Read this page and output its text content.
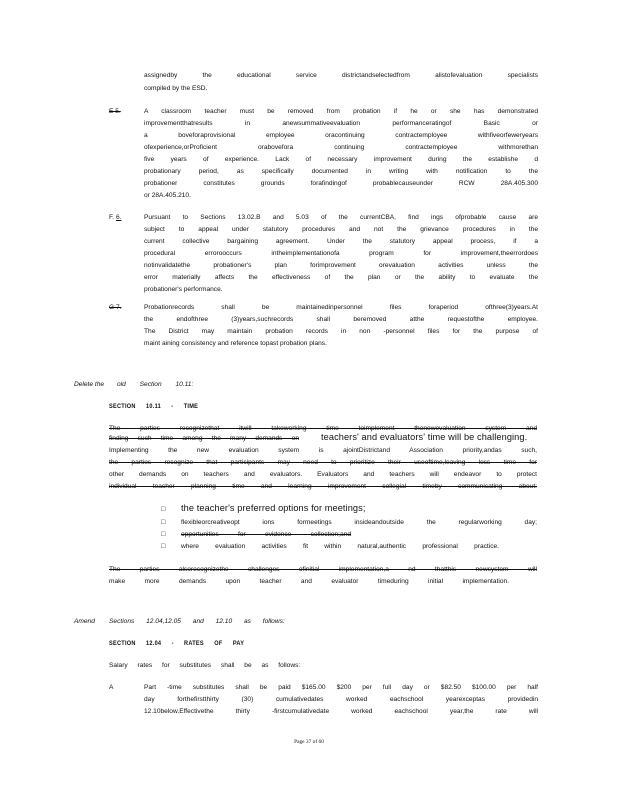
assignedby the educational service districtandselectedfrom alistofevaluation specialists
compiled by the ESD.
E 5.	A classroom teacher must be removed from probation if he or she has demonstrated
improvementthatresults in anewsummativeevaluation performanceratingof Basic or
a boveforaprovisional employee oracontinuing contractemployee withfiveorfeweryears
ofexperience,orProficient orabovefora continuing contractemployee withmorethan
five years of experience. Lack of necessary improvement during the establishe d
probationary period, as specifically documented in writing with notification to the
probationer constitutes grounds forafindingof probablecauseunder RCW 28A.405.300
or 28A.405.210.
F. 6.	Pursuant to Sections 13.02.B and 5.03 of the currentCBA, find ings ofprobable cause are
subject to appeal under statutory procedures and not the grievance procedures in the
current collective bargaining agreement. Under the statutory appeal process, if a
procedural errorooccurs intheimplementationofa program for improvement,theerrordoes
notinvalidatethe probationer's plan forimprovement orevaluation activities unless the
error materially affects the effectiveness of the plan or the ability to evaluate the
probationer's performance.
G 7.	Probationrecords shall be maintainedinpersonnel files foraperiod ofthree(3)years.At
the endofthree (3)years,suchrecords shall beremoved atthe requestofthe employee.
The District may maintain probation records in non -personnel files for the purpose of
maint aining consistency and reference topast probation plans.
Delete the old Section 10.11:
SECTION 10.11 - TIME
The parties recognizethat itwill takeworking time toimplement thenewevaluation system and
finding such time among the many demands on teachers' and evaluators' time will be challenging.
Implementing the new evaluation system is ajointDistrictand Association priority,andas such,
the parties recognize that participants may need to prioritize their useoftime,leaving less time for
other demands on teachers and evaluators. Evaluators and teachers will endeavor to protect
individual teacher planning time and learning improvement collegial timeby communicating about:
□ the teacher's preferred options for meetings;
□ flexibleorcreativeopt ions formeetings insideandoutside the regularworking day;
□ opportunities for evidence collection;and
□ where evaluation activities fit within natural,authentic professional practice.
The parties alsorecognizethe challenges ofinitial implementation,a nd thatthis newsystem will
make more demands upon teacher and evaluator timeduring initial implementation.
Amend Sections 12.04,12.05 and 12.10 as follows:
SECTION 12.04 - RATES OF PAY
Salary rates for substitutes shall be as follows:
A	Part -time substitutes shall be paid $165.00 $200 per full day or $82.50 $100.00 per half
day forthefirstthirty (30) cumulativedates worked eachschool yearexceptas providedin
12.10below.Effectivethe thirty -firstcumulativedate worked eachschool year,the rate will
Page 37 of 60
